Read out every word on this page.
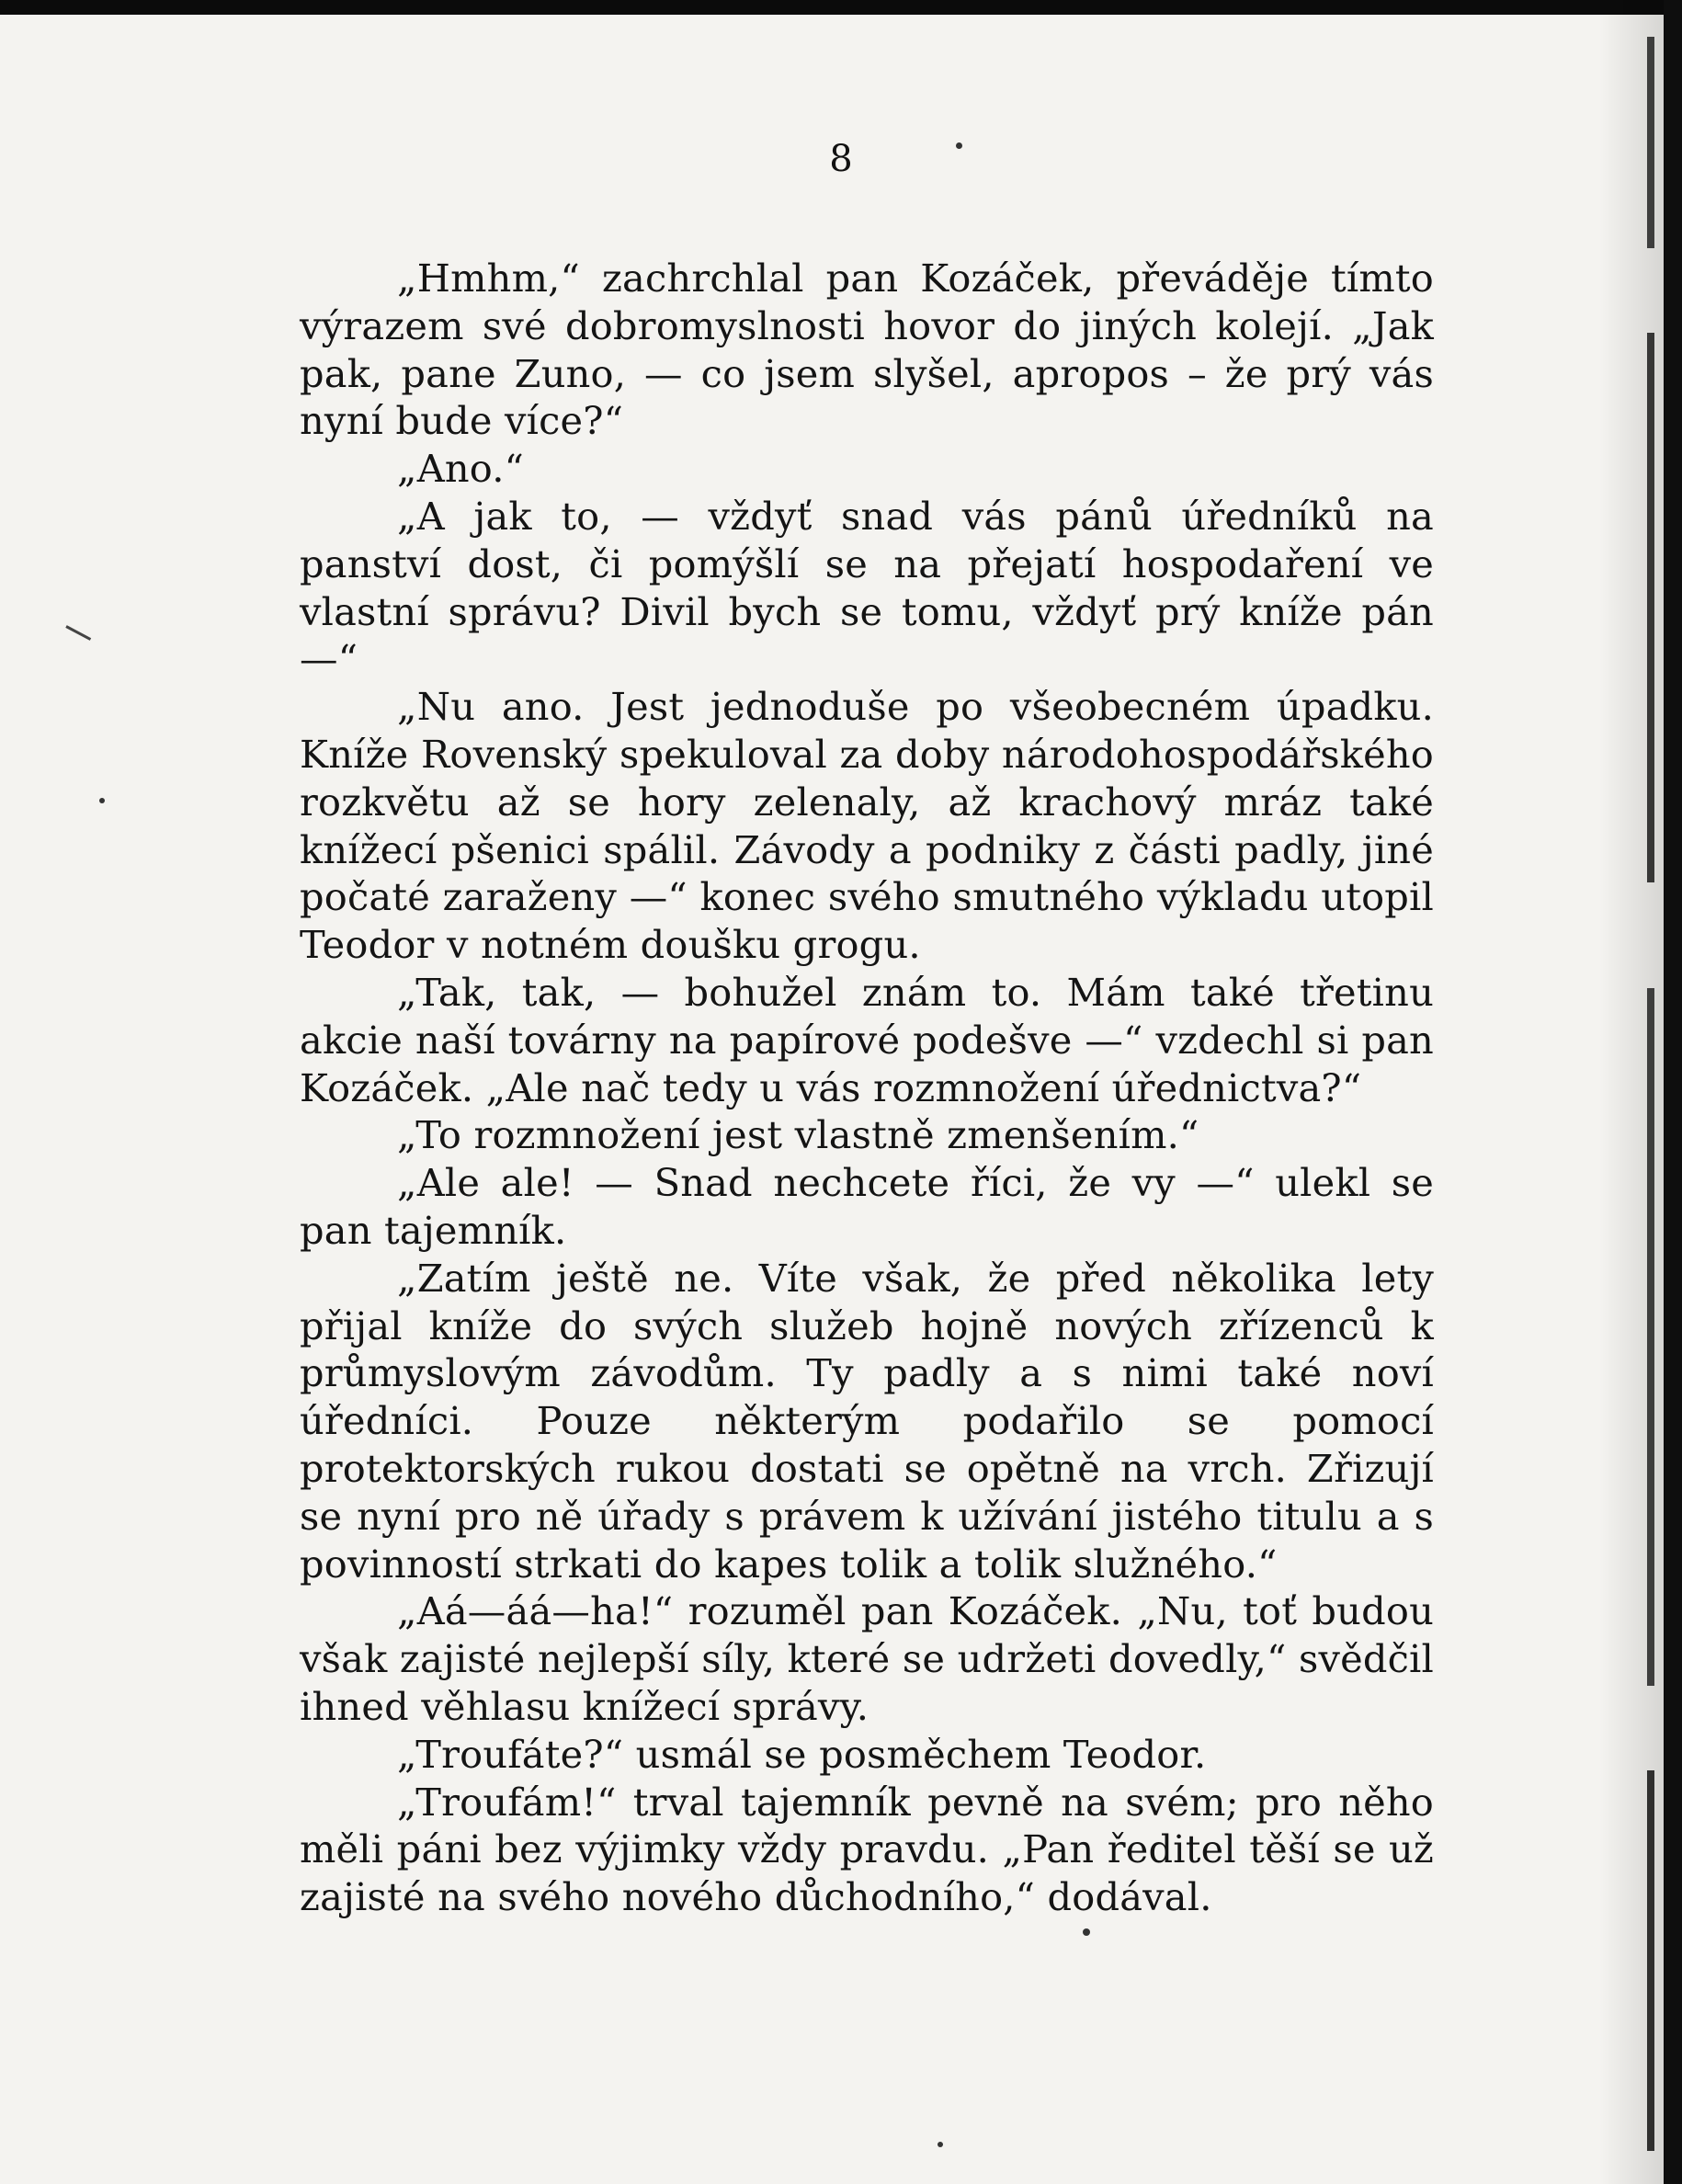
8

„Hmhm,“ zachrchlal pan Kozáček, převáděje tímto výrazem své dobromyslnosti hovor do jiných kolejí. „Jak pak, pane Zuno, — co jsem slyšel, apropos – že prý vás nyní bude více?“

„Ano.“

„A jak to, — vždyť snad vás pánů úředníků na panství dost, či pomýšlí se na přejatí hospodaření ve vlastní správu? Divil bych se tomu, vždyť prý kníže pán —“

„Nu ano. Jest jednoduše po všeobecném úpadku. Kníže Rovenský spekuloval za doby národohospodářského rozkvětu až se hory zelenaly, až krachový mráz také knížecí pšenici spálil. Závody a podniky z části padly, jiné počaté zaraženy —“ konec svého smutného výkladu utopil Teodor v notném doušku grogu.

„Tak, tak, — bohužel znám to. Mám také třetinu akcie naší továrny na papírové podešve —“ vzdechl si pan Kozáček. „Ale nač tedy u vás rozmnožení úřednictva?“

„To rozmnožení jest vlastně zmenšením.“

„Ale ale! — Snad nechcete říci, že vy —“ ulekl se pan tajemník.

„Zatím ještě ne. Víte však, že před několika lety přijal kníže do svých služeb hojně nových zřízenců k průmyslovým závodům. Ty padly a s nimi také noví úředníci. Pouze některým podařilo se pomocí protektorských rukou dostati se opětně na vrch. Zřizují se nyní pro ně úřady s právem k užívání jistého titulu a s povinností strkati do kapes tolik a tolik služného.“

„Aá—áá—ha!“ rozuměl pan Kozáček. „Nu, toť budou však zajisté nejlepší síly, které se udržeti dovedly,“ svědčil ihned věhlasu knížecí správy.

„Troufáte?“ usmál se posměchem Teodor.

„Troufám!“ trval tajemník pevně na svém; pro něho měli páni bez výjimky vždy pravdu. „Pan ředitel těší se už zajisté na svého nového důchodního,“ dodával.
